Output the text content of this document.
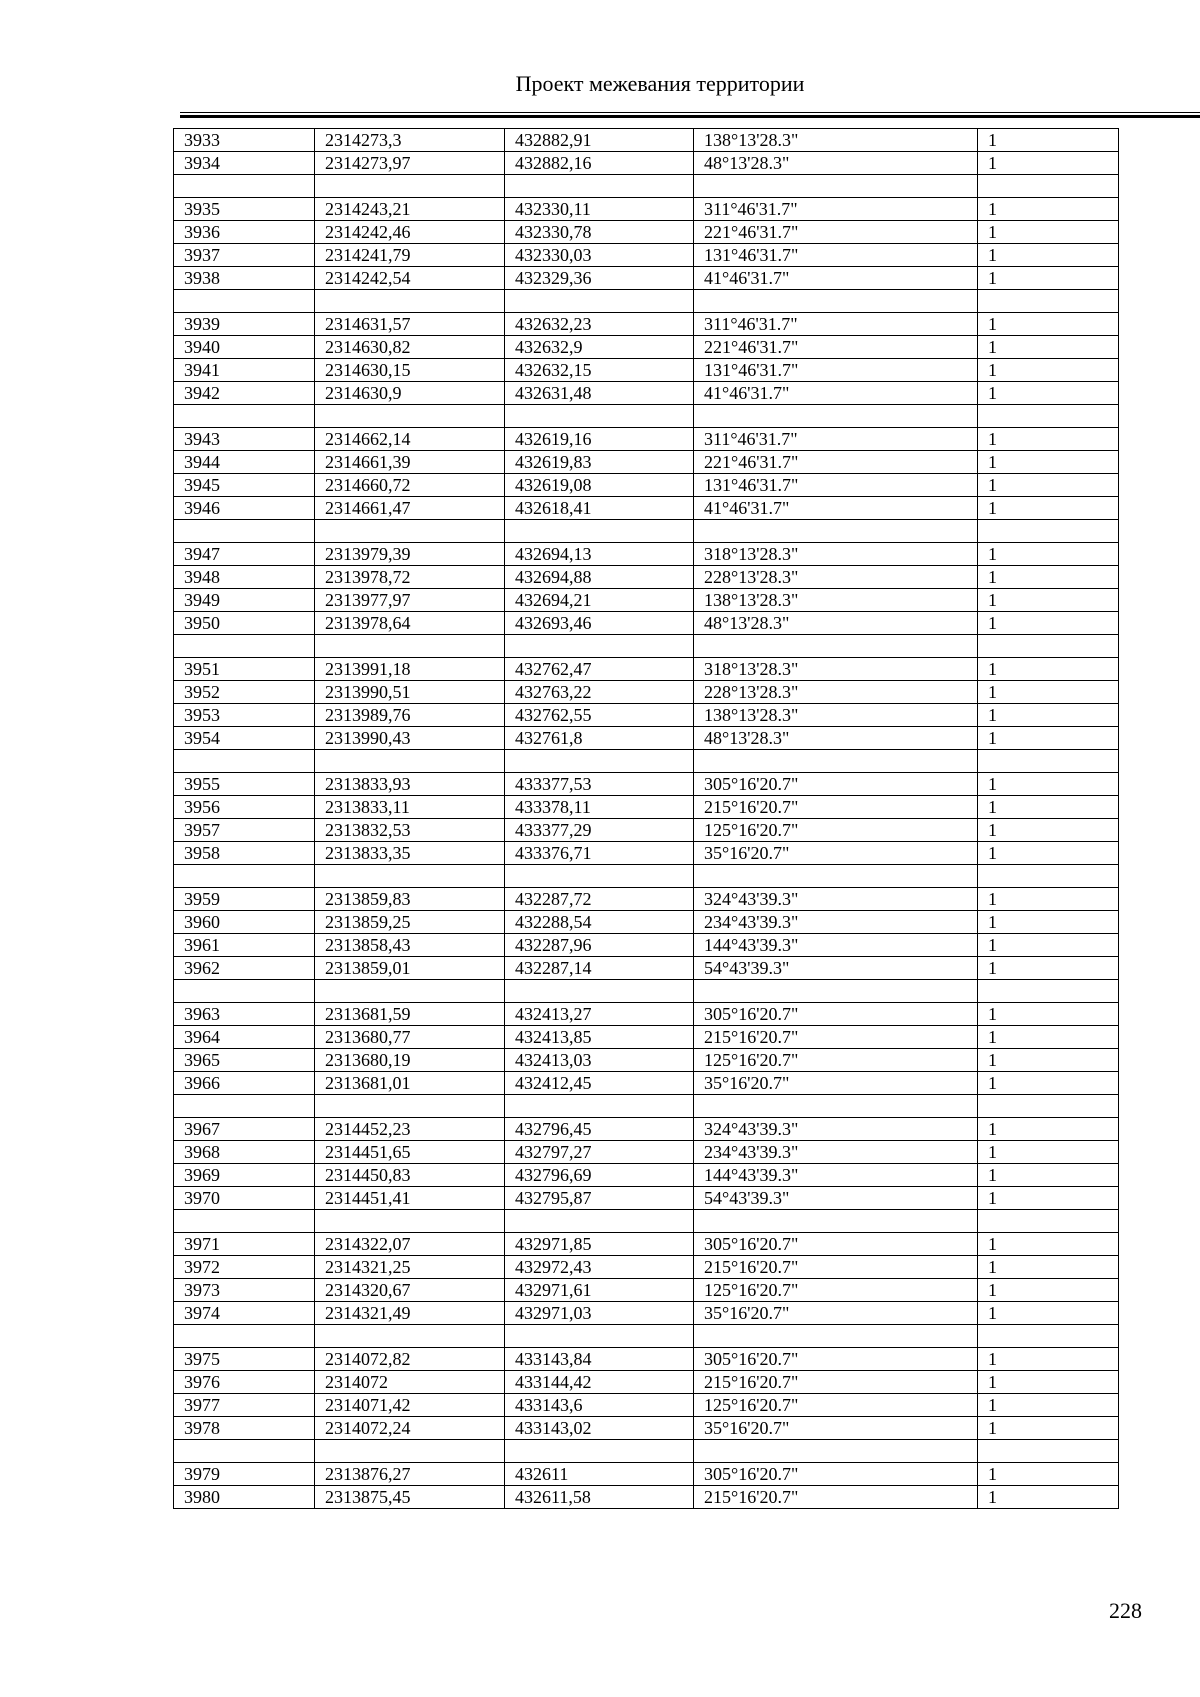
Проект межевания территории
3933	2314273,3	432882,91	138°13'28.3"	1
3934	2314273,97	432882,16	48°13'28.3"	1

3935	2314243,21	432330,11	311°46'31.7"	1
3936	2314242,46	432330,78	221°46'31.7"	1
3937	2314241,79	432330,03	131°46'31.7"	1
3938	2314242,54	432329,36	41°46'31.7"	1

3939	2314631,57	432632,23	311°46'31.7"	1
3940	2314630,82	432632,9	221°46'31.7"	1
3941	2314630,15	432632,15	131°46'31.7"	1
3942	2314630,9	432631,48	41°46'31.7"	1

3943	2314662,14	432619,16	311°46'31.7"	1
3944	2314661,39	432619,83	221°46'31.7"	1
3945	2314660,72	432619,08	131°46'31.7"	1
3946	2314661,47	432618,41	41°46'31.7"	1

3947	2313979,39	432694,13	318°13'28.3"	1
3948	2313978,72	432694,88	228°13'28.3"	1
3949	2313977,97	432694,21	138°13'28.3"	1
3950	2313978,64	432693,46	48°13'28.3"	1

3951	2313991,18	432762,47	318°13'28.3"	1
3952	2313990,51	432763,22	228°13'28.3"	1
3953	2313989,76	432762,55	138°13'28.3"	1
3954	2313990,43	432761,8	48°13'28.3"	1

3955	2313833,93	433377,53	305°16'20.7"	1
3956	2313833,11	433378,11	215°16'20.7"	1
3957	2313832,53	433377,29	125°16'20.7"	1
3958	2313833,35	433376,71	35°16'20.7"	1

3959	2313859,83	432287,72	324°43'39.3"	1
3960	2313859,25	432288,54	234°43'39.3"	1
3961	2313858,43	432287,96	144°43'39.3"	1
3962	2313859,01	432287,14	54°43'39.3"	1

3963	2313681,59	432413,27	305°16'20.7"	1
3964	2313680,77	432413,85	215°16'20.7"	1
3965	2313680,19	432413,03	125°16'20.7"	1
3966	2313681,01	432412,45	35°16'20.7"	1

3967	2314452,23	432796,45	324°43'39.3"	1
3968	2314451,65	432797,27	234°43'39.3"	1
3969	2314450,83	432796,69	144°43'39.3"	1
3970	2314451,41	432795,87	54°43'39.3"	1

3971	2314322,07	432971,85	305°16'20.7"	1
3972	2314321,25	432972,43	215°16'20.7"	1
3973	2314320,67	432971,61	125°16'20.7"	1
3974	2314321,49	432971,03	35°16'20.7"	1

3975	2314072,82	433143,84	305°16'20.7"	1
3976	2314072	433144,42	215°16'20.7"	1
3977	2314071,42	433143,6	125°16'20.7"	1
3978	2314072,24	433143,02	35°16'20.7"	1

3979	2313876,27	432611	305°16'20.7"	1
3980	2313875,45	432611,58	215°16'20.7"	1
228
